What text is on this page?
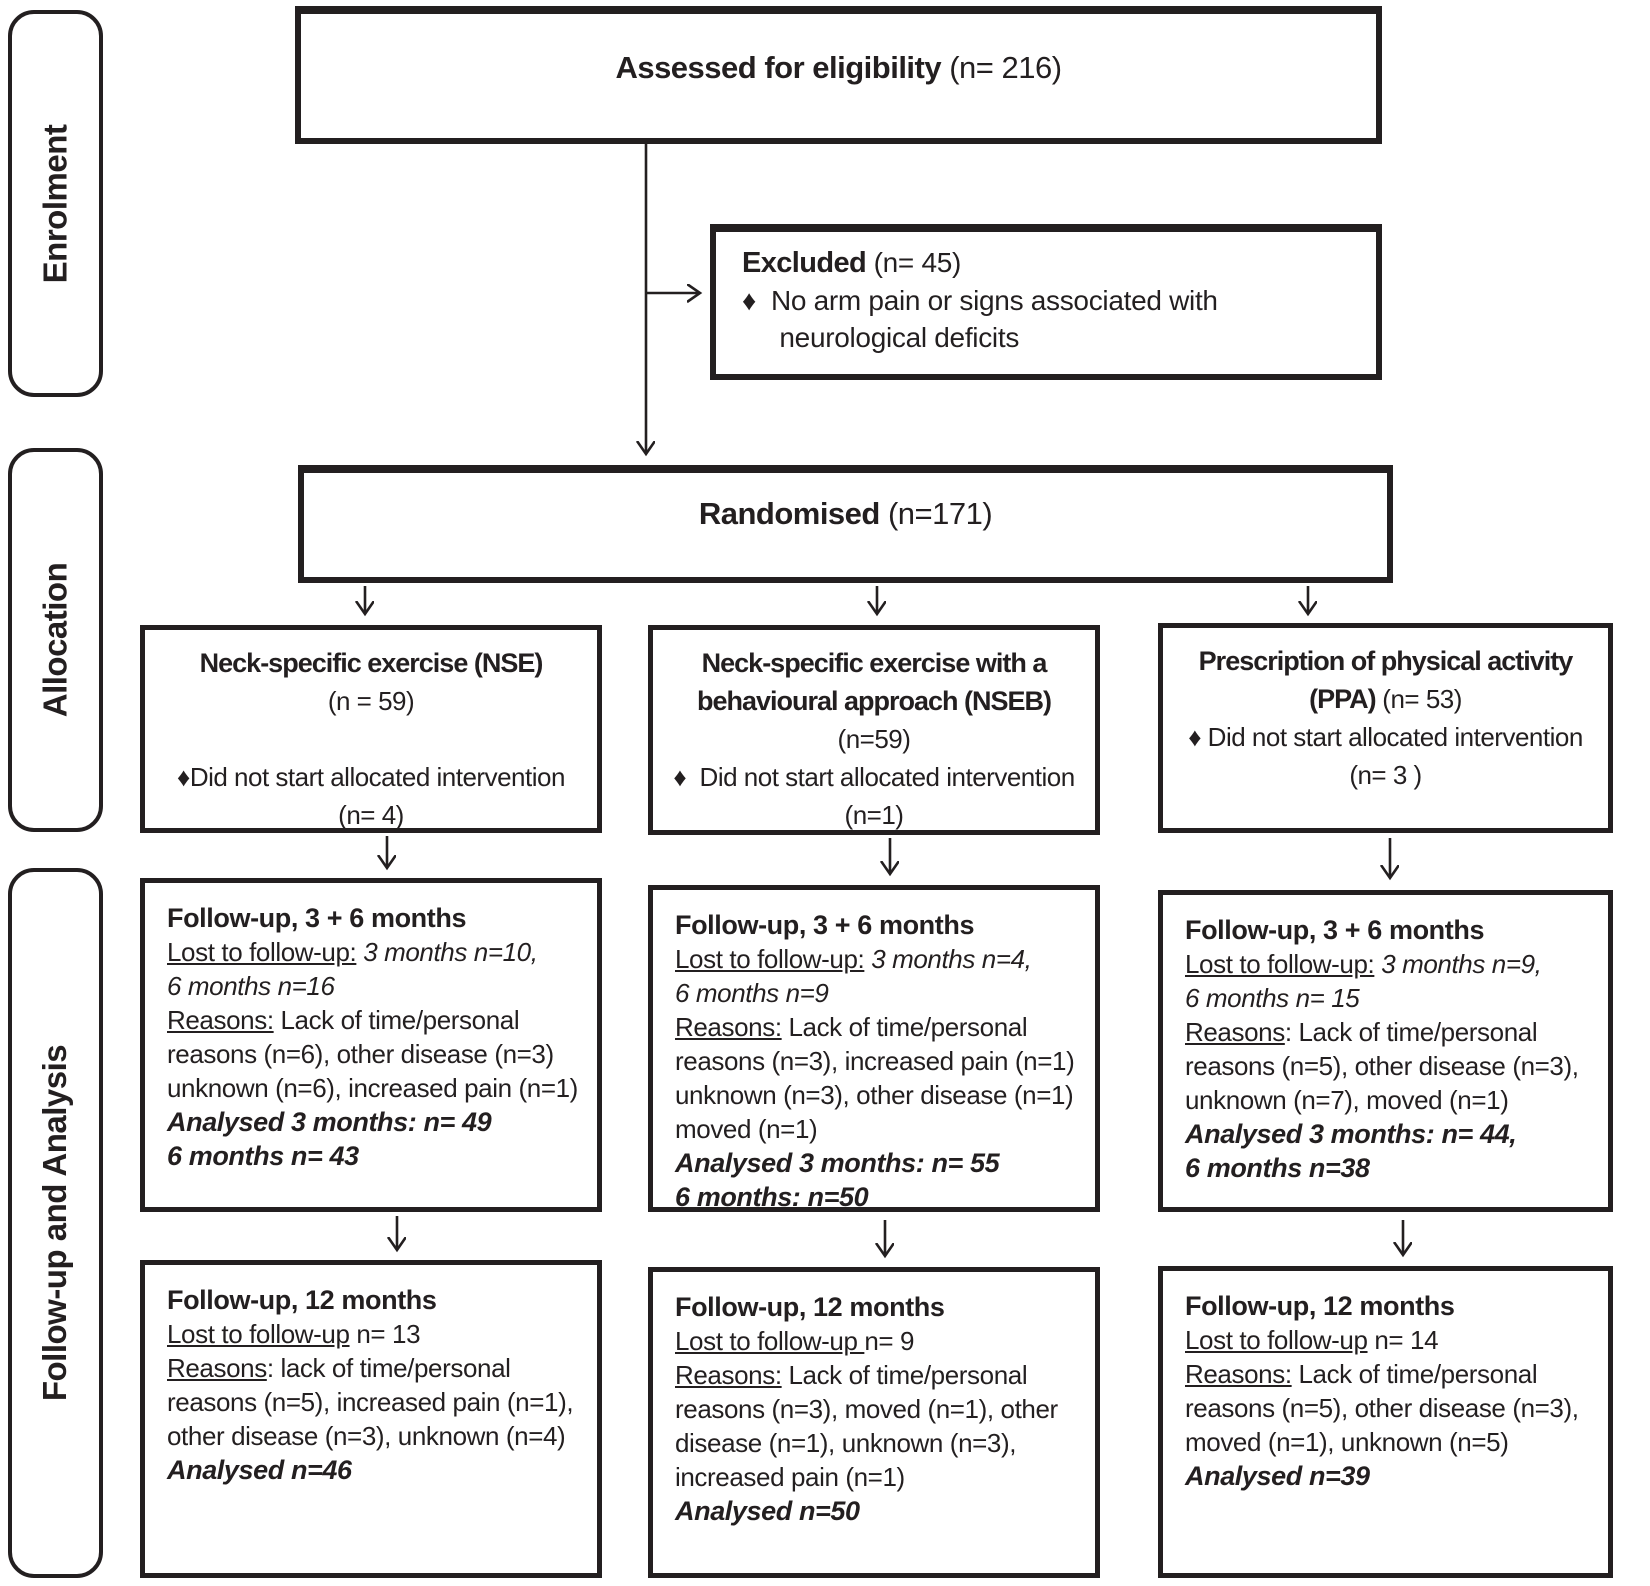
Enrolment
Allocation
Follow-up and Analysis
Assessed for eligibility (n= 216)
Excluded (n= 45)
♦  No arm pain or signs associated with
neurological deficits
Randomised (n=171)
Neck-specific exercise (NSE)
(n = 59)

♦Did not start allocated intervention
(n= 4)
Neck-specific exercise with a
behavioural approach (NSEB)
(n=59)
♦  Did not start allocated intervention
(n=1)
Prescription of physical activity
(PPA) (n= 53)
♦ Did not start allocated intervention
(n= 3 )
Follow-up, 3 + 6 months
Lost to follow-up: 3 months n=10,
6 months n=16
Reasons: Lack of time/personal
reasons (n=6), other disease (n=3)
unknown (n=6), increased pain (n=1)
Analysed 3 months: n= 49
6 months n= 43
Follow-up, 3 + 6 months
Lost to follow-up: 3 months n=4,
6 months n=9
Reasons: Lack of time/personal
reasons (n=3), increased pain (n=1)
unknown (n=3), other disease (n=1)
moved (n=1)
Analysed 3 months: n= 55
6 months: n=50
Follow-up, 3 + 6 months
Lost to follow-up: 3 months n=9,
6 months n= 15
Reasons: Lack of time/personal
reasons (n=5), other disease (n=3),
unknown (n=7), moved (n=1)
Analysed 3 months: n= 44,
6 months n=38
Follow-up, 12 months
Lost to follow-up n= 13
Reasons: lack of time/personal
reasons (n=5), increased pain (n=1),
other disease (n=3), unknown (n=4)
Analysed n=46
Follow-up, 12 months
Lost to follow-up n= 9
Reasons: Lack of time/personal
reasons (n=3), moved (n=1), other
disease (n=1), unknown (n=3),
increased pain (n=1)
Analysed n=50
Follow-up, 12 months
Lost to follow-up n= 14
Reasons: Lack of time/personal
reasons (n=5), other disease (n=3),
moved (n=1), unknown (n=5)
Analysed n=39
